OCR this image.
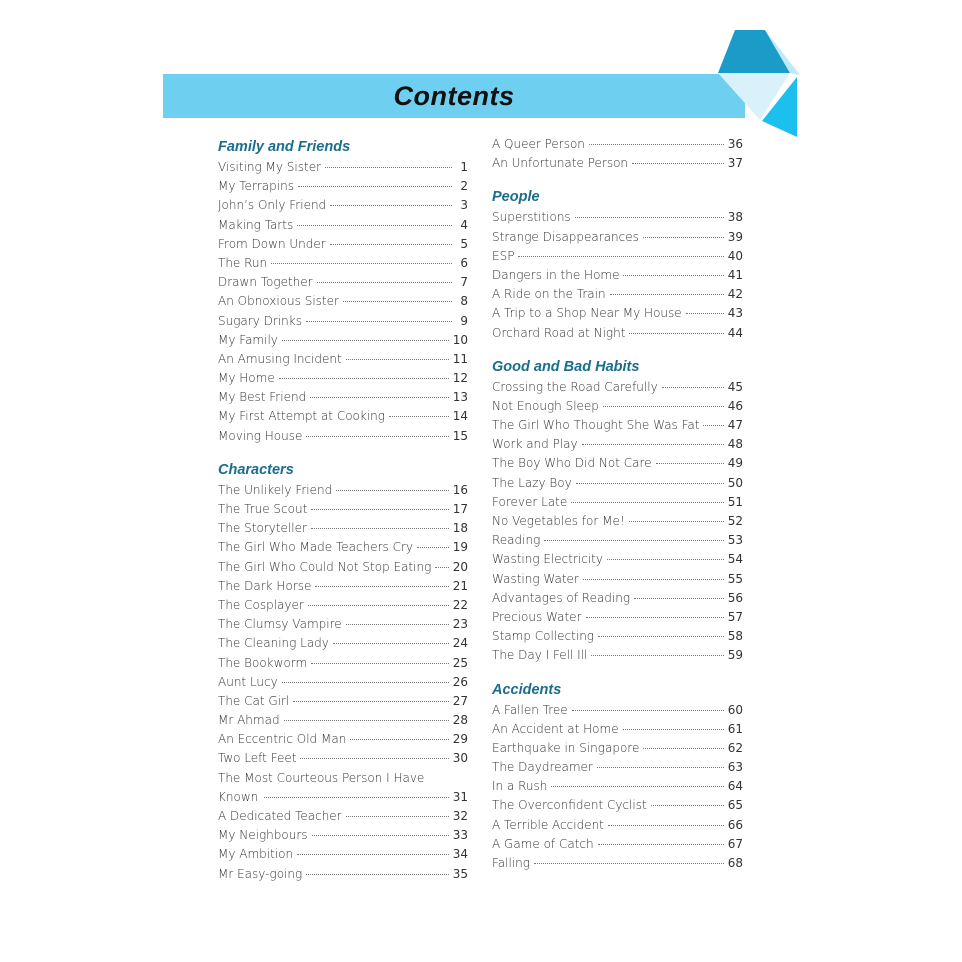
Contents
Family and Friends
Visiting My Sister	1
My Terrapins	2
John’s Only Friend	3
Making Tarts	4
From Down Under	5
The Run	6
Drawn Together	7
An Obnoxious Sister	8
Sugary Drinks	9
My Family	10
An Amusing Incident	11
My Home	12
My Best Friend	13
My First Attempt at Cooking	14
Moving House	15
Characters
The Unlikely Friend	16
The True Scout	17
The Storyteller	18
The Girl Who Made Teachers Cry	19
The Girl Who Could Not Stop Eating 20
The Dark Horse	21
The Cosplayer	22
The Clumsy Vampire	23
The Cleaning Lady	24
The Bookworm	25
Aunt Lucy	26
The Cat Girl	27
Mr Ahmad	28
An Eccentric Old Man	29
Two Left Feet	30
The Most Courteous Person I Have
Known	31
A Dedicated Teacher	32
My Neighbours	33
My Ambition	34
Mr Easy-going	35
A Queer Person	36
An Unfortunate Person	37
People
Superstitions	38
Strange Disappearances	39
ESP	40
Dangers in the Home	41
A Ride on the Train	42
A Trip to a Shop Near My House	43
Orchard Road at Night	44
Good and Bad Habits
Crossing the Road Carefully	45
Not Enough Sleep	46
The Girl Who Thought She Was Fat 47
Work and Play	48
The Boy Who Did Not Care	49
The Lazy Boy	50
Forever Late	51
No Vegetables for Me!	52
Reading	53
Wasting Electricity	54
Wasting Water	55
Advantages of Reading	56
Precious Water	57
Stamp Collecting	58
The Day I Fell Ill	59
Accidents
A Fallen Tree	60
An Accident at Home	61
Earthquake in Singapore	62
The Daydreamer	63
In a Rush	64
The Overconfident Cyclist	65
A Terrible Accident	66
A Game of Catch	67
Falling	68
